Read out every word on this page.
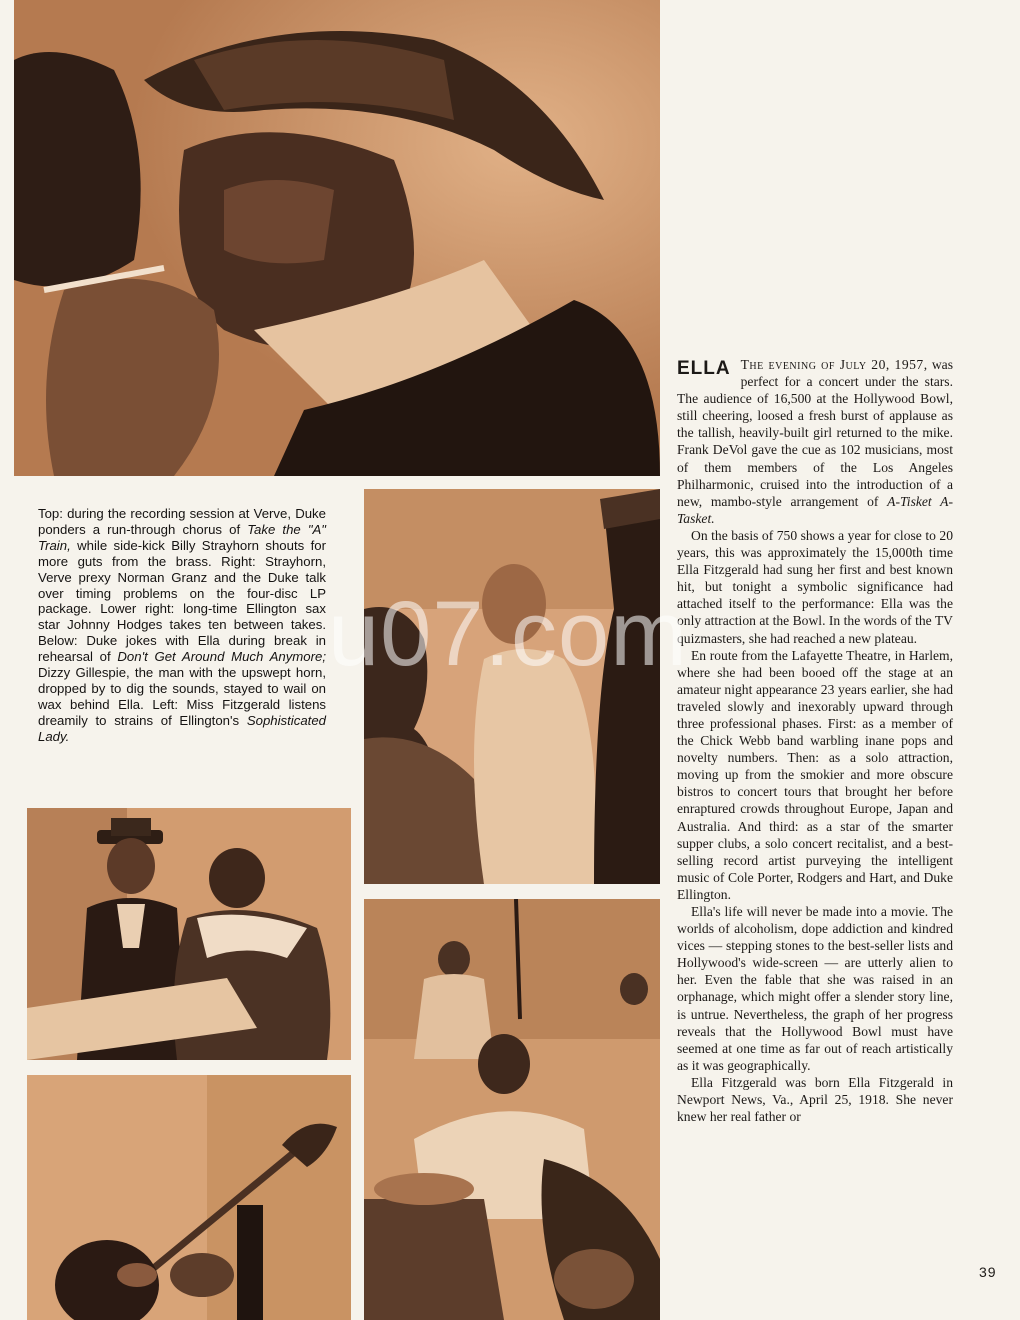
Top: during the recording session at Verve, Duke ponders a run-through chorus of Take the "A" Train, while side-kick Billy Strayhorn shouts for more guts from the brass. Right: Strayhorn, Verve prexy Norman Granz and the Duke talk over timing problems on the four-disc LP package. Lower right: long-time Ellington sax star Johnny Hodges takes ten between takes. Below: Duke jokes with Ella during break in rehearsal of Don't Get Around Much Anymore; Dizzy Gillespie, the man with the upswept horn, dropped by to dig the sounds, stayed to wail on wax behind Ella. Left: Miss Fitzgerald listens dreamily to strains of Ellington's Sophisticated Lady.

ELLA The evening of July 20, 1957, was perfect for a concert under the stars. The audience of 16,500 at the Hollywood Bowl, still cheering, loosed a fresh burst of applause as the tallish, heavily-built girl returned to the mike. Frank DeVol gave the cue as 102 musicians, most of them members of the Los Angeles Philharmonic, cruised into the introduction of a new, mambo-style arrangement of A-Tisket A-Tasket.

On the basis of 750 shows a year for close to 20 years, this was approximately the 15,000th time Ella Fitzgerald had sung her first and best known hit, but tonight a symbolic significance had attached itself to the performance: Ella was the only attraction at the Bowl. In the words of the TV quizmasters, she had reached a new plateau.

En route from the Lafayette Theatre, in Harlem, where she had been booed off the stage at an amateur night appearance 23 years earlier, she had traveled slowly and inexorably upward through three professional phases. First: as a member of the Chick Webb band warbling inane pops and novelty numbers. Then: as a solo attraction, moving up from the smokier and more obscure bistros to concert tours that brought her before enraptured crowds throughout Europe, Japan and Australia. And third: as a star of the smarter supper clubs, a solo concert recitalist, and a best-selling record artist purveying the intelligent music of Cole Porter, Rodgers and Hart, and Duke Ellington.

Ella's life will never be made into a movie. The worlds of alcoholism, dope addiction and kindred vices — stepping stones to the best-seller lists and Hollywood's wide-screen — are utterly alien to her. Even the fable that she was raised in an orphanage, which might offer a slender story line, is untrue. Nevertheless, the graph of her progress reveals that the Hollywood Bowl must have seemed at one time as far out of reach artistically as it was geographically.

Ella Fitzgerald was born Ella Fitzgerald in Newport News, Va., April 25, 1918. She never knew her real father or

39
u07.com
